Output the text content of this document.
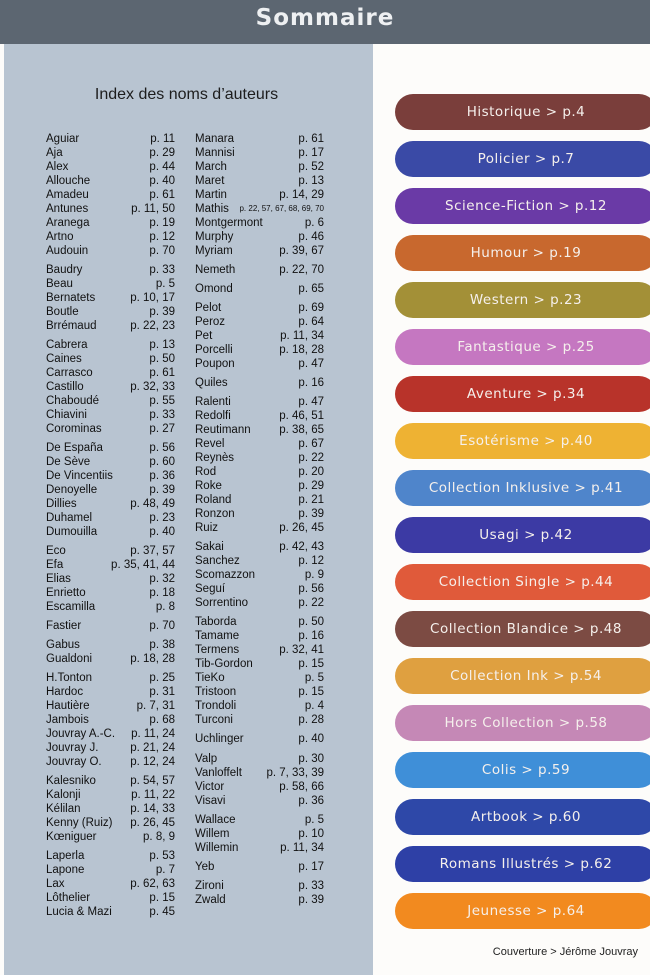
Sommaire
Index des noms d’auteurs
Aguiar	p. 11
Aja	p. 29
Alex	p. 44
Allouche	p. 40
Amadeu	p. 61
Antunes	p. 11, 50
Aranega	p. 19
Artno	p. 12
Audouin	p. 70
Baudry	p. 33
Beau	p. 5
Bernatets	p. 10, 17
Boutle	p. 39
Brrémaud	p. 22, 23
Cabrera	p. 13
Caines	p. 50
Carrasco	p. 61
Castillo	p. 32, 33
Chaboudé	p. 55
Chiavini	p. 33
Corominas	p. 27
De España	p. 56
De Sève	p. 60
De Vincentiis	p. 36
Denoyelle	p. 39
Dillies	p. 48, 49
Duhamel	p. 23
Dumouilla	p. 40
Eco	p. 37, 57
Efa	p. 35, 41, 44
Elias	p. 32
Enrietto	p. 18
Escamilla	p. 8
Fastier	p. 70
Gabus	p. 38
Gualdoni	p. 18, 28
H.Tonton	p. 25
Hardoc	p. 31
Hautière	p. 7, 31
Jambois	p. 68
Jouvray A.-C. p. 11, 24
Jouvray J.	p. 21, 24
Jouvray O. p. 12, 24
Kalesniko	p. 54, 57
Kalonji	p. 11, 22
Kélilan	p. 14, 33
Kenny (Ruiz) p. 26, 45
Kœniguer	p. 8, 9
Laperla	p. 53
Lapone	p. 7
Lax	p. 62, 63
Lôthelier	p. 15
Lucia & Mazi	p. 45
Manara	p. 61
Mannisi	p. 17
March	p. 52
Maret	p. 13
Martin	p. 14, 29
Mathis p. 22, 57, 67, 68, 69, 70
Montgermont	p. 6
Murphy	p. 46
Myriam	p. 39, 67
Nemeth	p. 22, 70
Omond	p. 65
Pelot	p. 69
Peroz	p. 64
Pet	p. 11, 34
Porcelli	p. 18, 28
Poupon	p. 47
Quiles	p. 16
Ralenti	p. 47
Redolfi	p. 46, 51
Reutimann p. 38, 65
Revel	p. 67
Reynès	p. 22
Rod	p. 20
Roke	p. 29
Roland	p. 21
Ronzon	p. 39
Ruiz	p. 26, 45
Sakai	p. 42, 43
Sanchez	p. 12
Scomazzon	p. 9
Seguí	p. 56
Sorrentino	p. 22
Taborda	p. 50
Tamame	p. 16
Termens	p. 32, 41
Tib-Gordon	p. 15
TieKo	p. 5
Tristoon	p. 15
Trondoli	p. 4
Turconi	p. 28
Uchlinger	p. 40
Valp	p. 30
Vanloffelt p. 7, 33, 39
Victor	p. 58, 66
Visavi	p. 36
Wallace	p. 5
Willem	p. 10
Willemin	p. 11, 34
Yeb	p. 17
Zironi	p. 33
Zwald	p. 39
Historique > p.4
Policier > p.7
Science-Fiction > p.12
Humour > p.19
Western > p.23
Fantastique > p.25
Aventure > p.34
Esotérisme > p.40
Collection Inklusive > p.41
Usagi > p.42
Collection Single > p.44
Collection Blandice > p.48
Collection Ink > p.54
Hors Collection > p.58
Colis > p.59
Artbook > p.60
Romans Illustrés > p.62
Jeunesse > p.64
Couverture > Jérôme Jouvray
